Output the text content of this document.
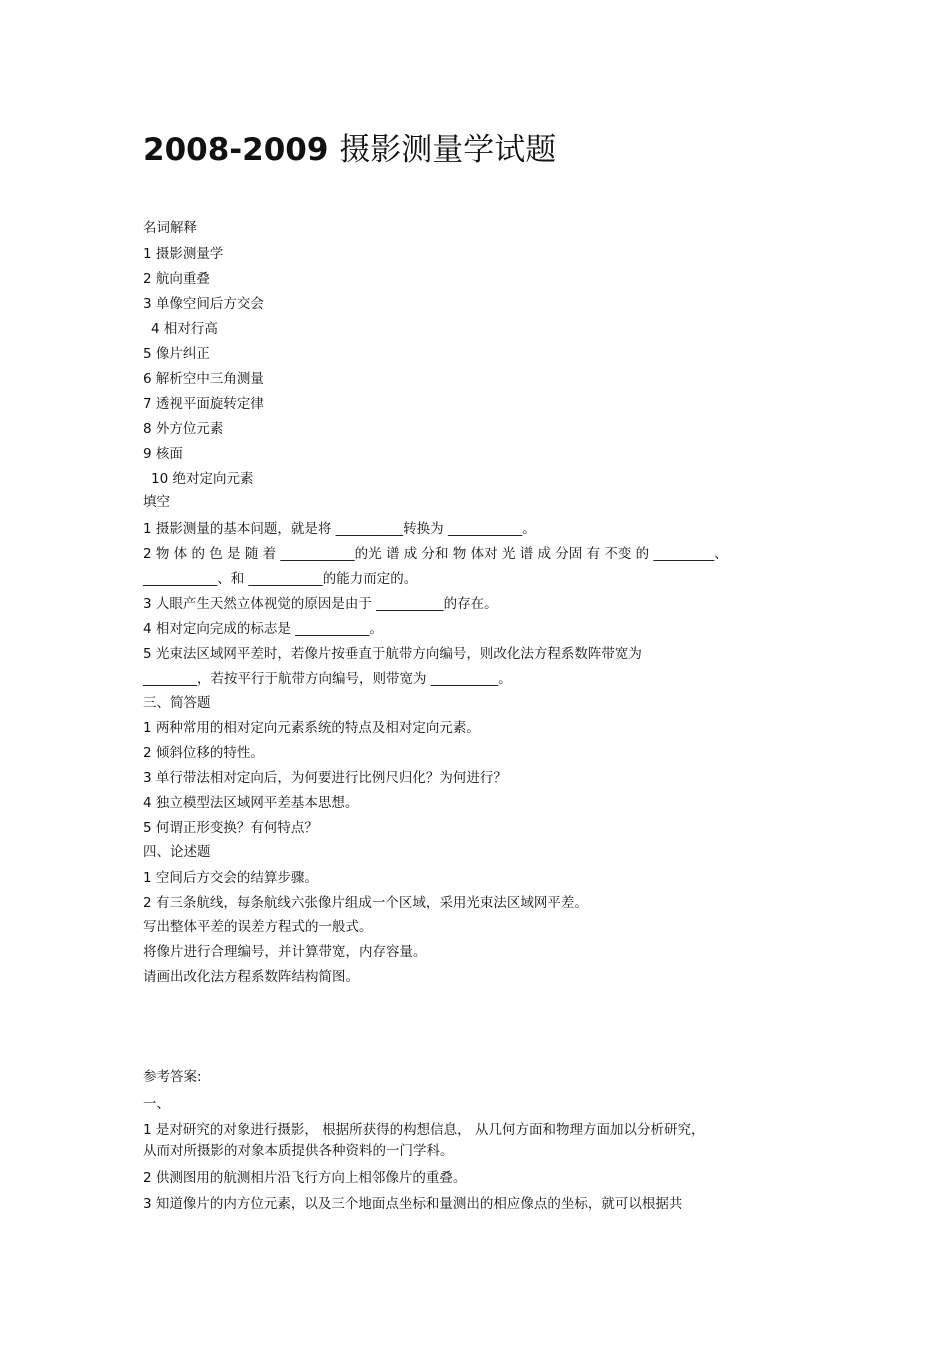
2008-2009 摄影测量学试题
名词解释
1 摄影测量学
2 航向重叠
3 单像空间后方交会
4 相对行高
5 像片纠正
6 解析空中三角测量
7 透视平面旋转定律
8 外方位元素
9 核面
10 绝对定向元素
填空
1 摄影测量的基本问题，就是将 __________转换为 ___________。
2 物 体 的 色 是 随 着 ___________的光 谱 成 分和 物 体对 光 谱 成 分固 有 不变 的 _________、
___________、和 ___________的能力而定的。
3 人眼产生天然立体视觉的原因是由于 __________的存在。
4 相对定向完成的标志是 ___________。
5 光束法区域网平差时，若像片按垂直于航带方向编号，则改化法方程系数阵带宽为
________，若按平行于航带方向编号，则带宽为 __________。
三、简答题
1 两种常用的相对定向元素系统的特点及相对定向元素。
2 倾斜位移的特性。
3 单行带法相对定向后，为何要进行比例尺归化？为何进行？
4 独立模型法区域网平差基本思想。
5 何谓正形变换？有何特点？
四、论述题
1 空间后方交会的结算步骤。
2 有三条航线，每条航线六张像片组成一个区域，采用光束法区域网平差。
写出整体平差的误差方程式的一般式。
将像片进行合理编号，并计算带宽，内存容量。
请画出改化法方程系数阵结构简图。
参考答案:
一、
1 是对研究的对象进行摄影， 根据所获得的构想信息， 从几何方面和物理方面加以分析研究，
从而对所摄影的对象本质提供各种资料的一门学科。
2 供测图用的航测相片沿飞行方向上相邻像片的重叠。
3 知道像片的内方位元素，以及三个地面点坐标和量测出的相应像点的坐标，就可以根据共
